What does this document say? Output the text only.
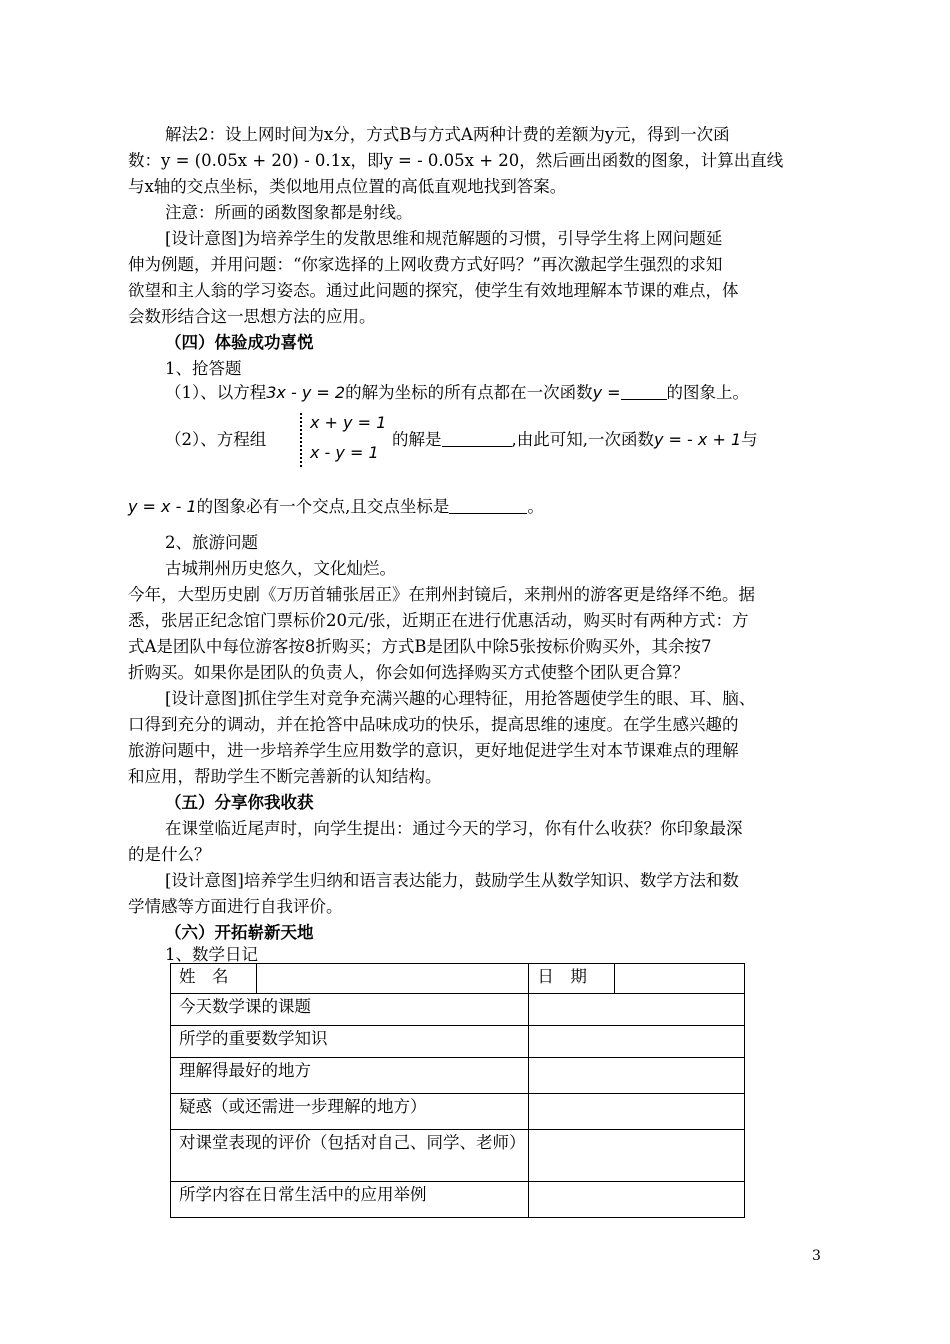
解法2：设上网时间为x分，方式B与方式A两种计费的差额为y元，得到一次函
数：y = (0.05x + 20) - 0.1x，即y = - 0.05x + 20，然后画出函数的图象，计算出直线
与x轴的交点坐标，类似地用点位置的高低直观地找到答案。
注意：所画的函数图象都是射线。
[设计意图]为培养学生的发散思维和规范解题的习惯，引导学生将上网问题延
伸为例题，并用问题：“你家选择的上网收费方式好吗？”再次激起学生强烈的求知
欲望和主人翁的学习姿态。通过此问题的探究，使学生有效地理解本节课的难点，体
会数形结合这一思想方法的应用。
（四）体验成功喜悦
1、抢答题
（1）、以方程3x - y = 2的解为坐标的所有点都在一次函数y =	的图象上。
（2）、方程组
x + y = 1
x - y = 1
的解是	,由此可知,一次函数y = - x + 1与
y = x - 1的图象必有一个交点,且交点坐标是	。
2、旅游问题
古城荆州历史悠久，文化灿烂。
今年，大型历史剧《万历首辅张居正》在荆州封镜后，来荆州的游客更是络绎不绝。据
悉，张居正纪念馆门票标价20元/张，近期正在进行优惠活动，购买时有两种方式：方
式A是团队中每位游客按8折购买；方式B是团队中除5张按标价购买外，其余按7
折购买。如果你是团队的负责人，你会如何选择购买方式使整个团队更合算？
[设计意图]抓住学生对竞争充满兴趣的心理特征，用抢答题使学生的眼、耳、脑、
口得到充分的调动，并在抢答中品味成功的快乐，提高思维的速度。在学生感兴趣的
旅游问题中，进一步培养学生应用数学的意识，更好地促进学生对本节课难点的理解
和应用，帮助学生不断完善新的认知结构。
（五）分享你我收获
在课堂临近尾声时，向学生提出：通过今天的学习，你有什么收获？你印象最深
的是什么？
[设计意图]培养学生归纳和语言表达能力，鼓励学生从数学知识、数学方法和数
学情感等方面进行自我评价。
（六）开拓崭新天地
1、数学日记
姓　名		日　期	
今天数学课的课题			
所学的重要数学知识			
理解得最好的地方			
疑惑（或还需进一步理解的地方）			
对课堂表现的评价（包括对自己、同学、老师）			
所学内容在日常生活中的应用举例			
3
